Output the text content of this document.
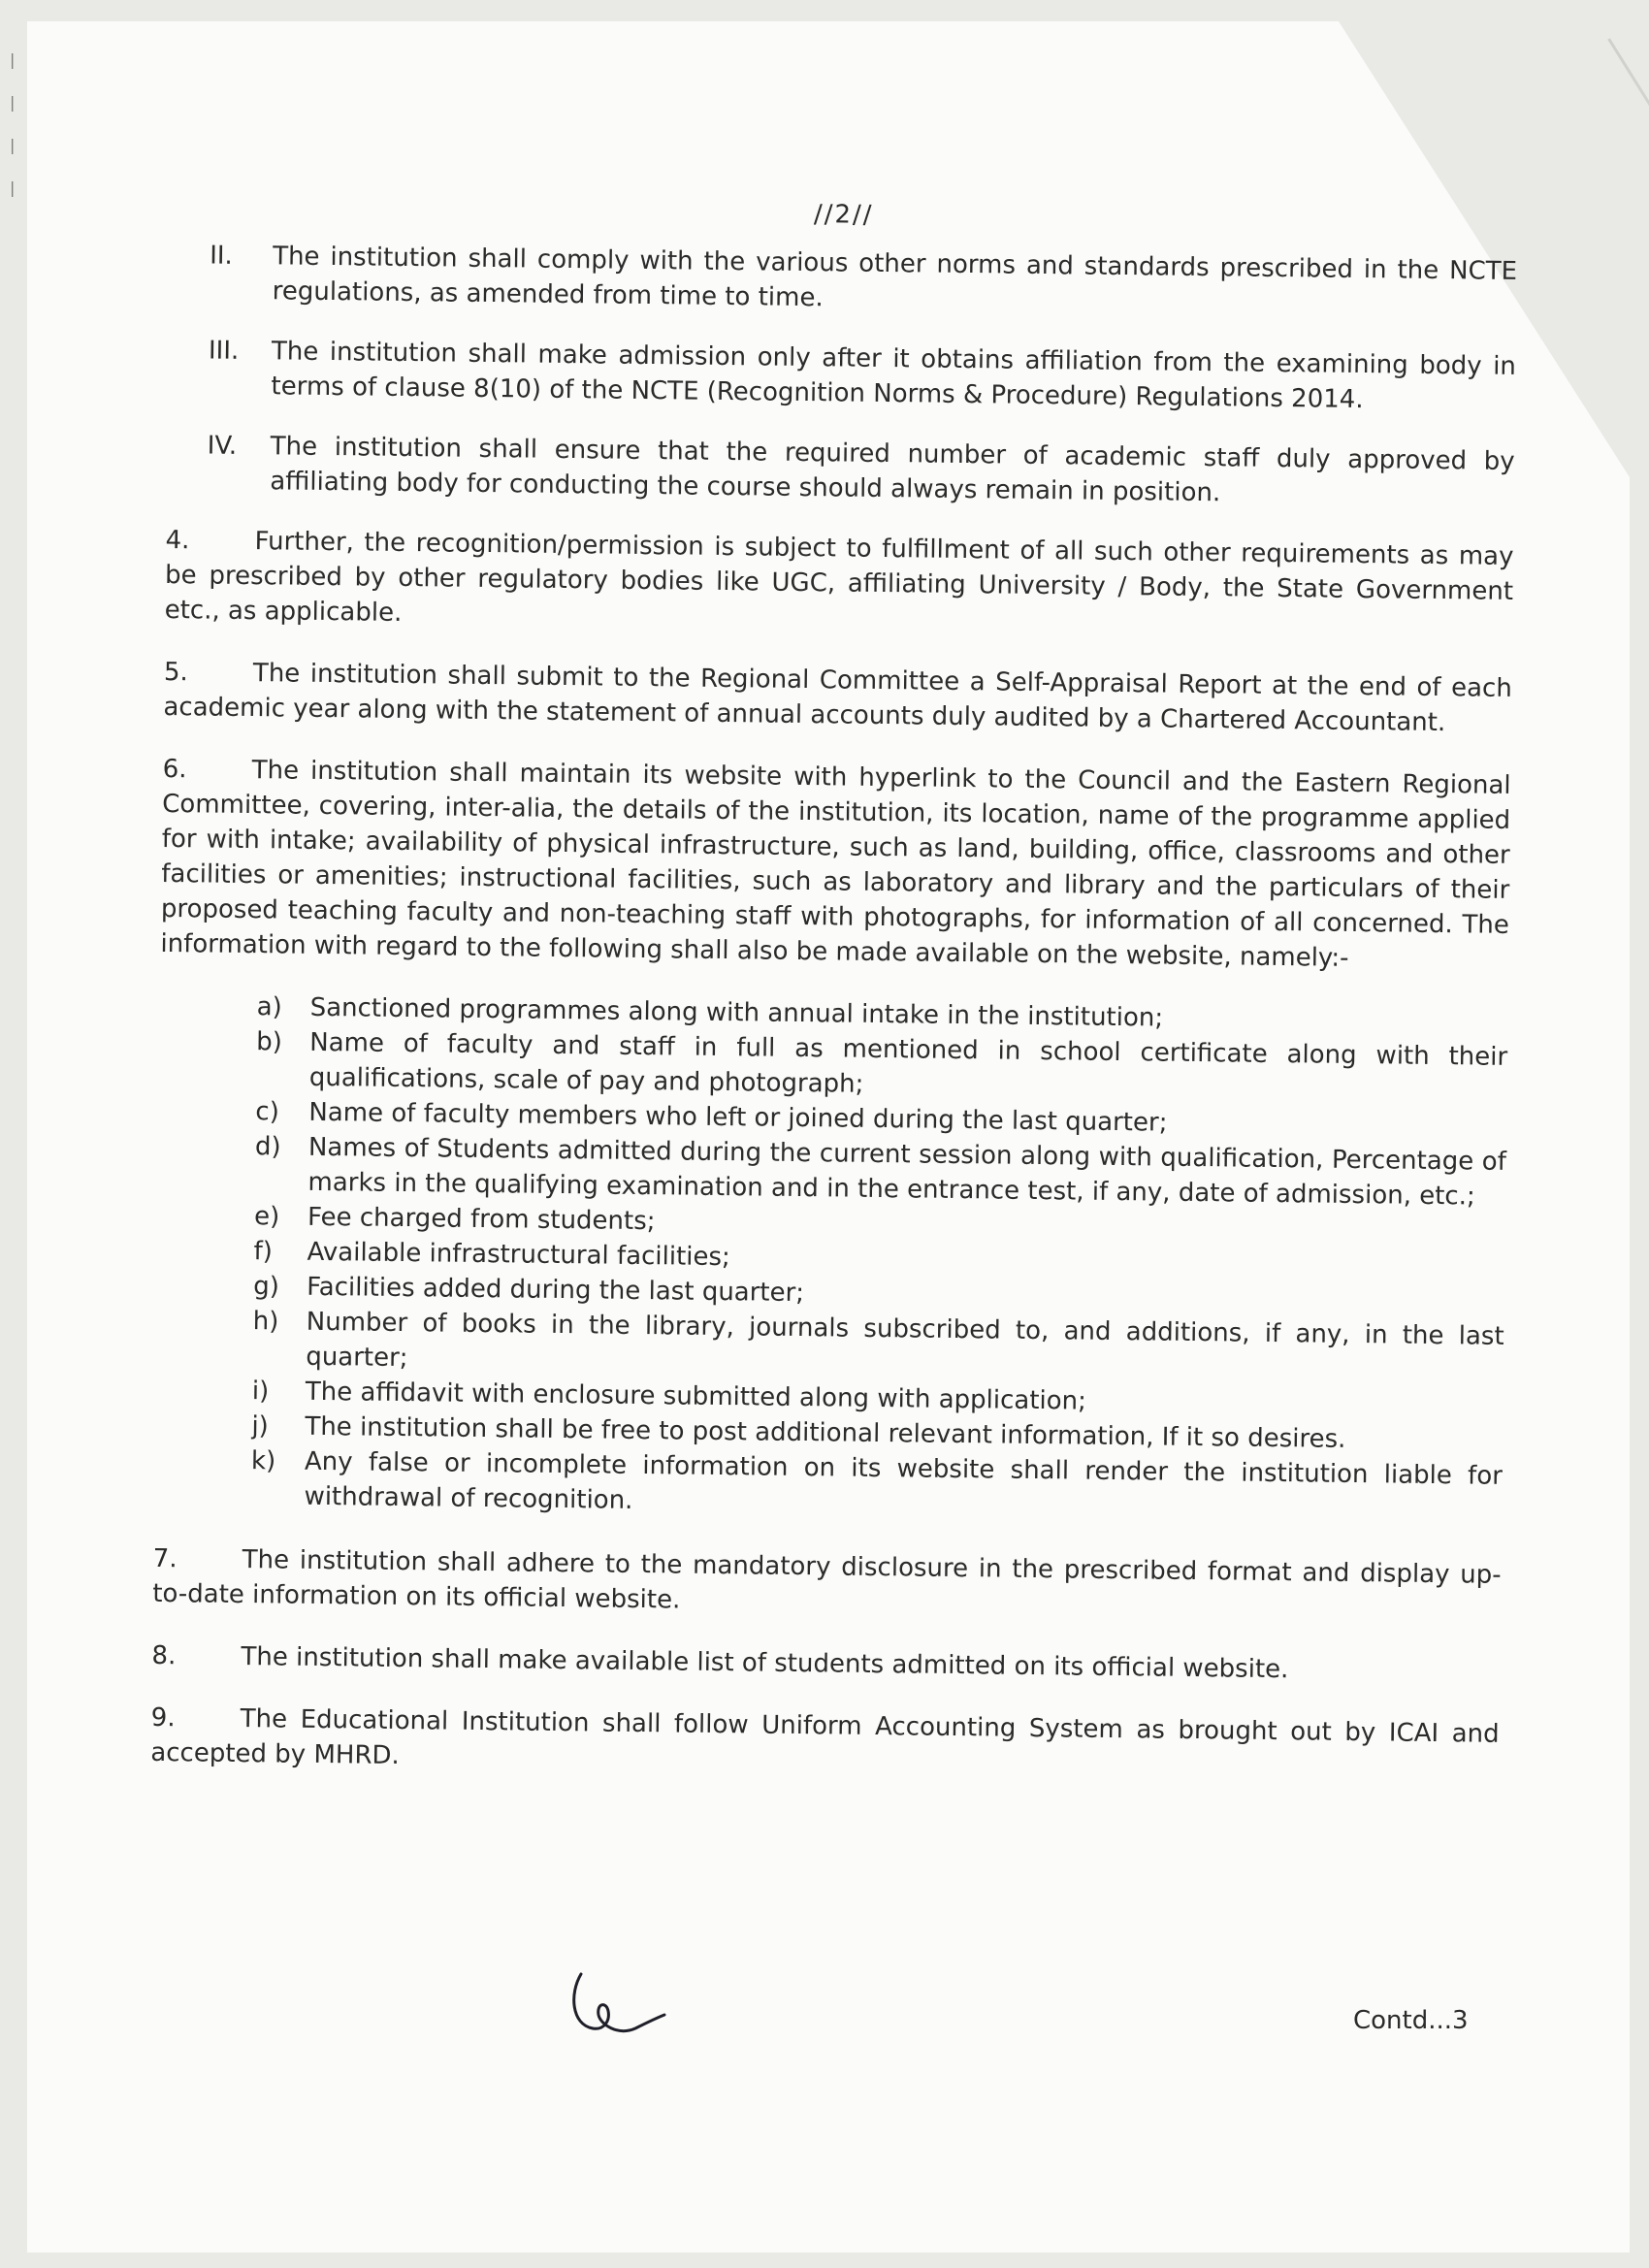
|
|
|
|
//2//
II.	The institution shall comply with the various other norms and standards prescribed in the NCTE regulations, as amended from time to time.
III.	The institution shall make admission only after it obtains affiliation from the examining body in terms of clause 8(10) of the NCTE (Recognition Norms & Procedure) Regulations 2014.
IV.	The institution shall ensure that the required number of academic staff duly approved by affiliating body for conducting the course should always remain in position.
4.	Further, the recognition/permission is subject to fulfillment of all such other requirements as may be prescribed by other regulatory bodies like UGC, affiliating University / Body, the State Government etc., as applicable.
5.	The institution shall submit to the Regional Committee a Self-Appraisal Report at the end of each academic year along with the statement of annual accounts duly audited by a Chartered Accountant.
6.	The institution shall maintain its website with hyperlink to the Council and the Eastern Regional Committee, covering, inter-alia, the details of the institution, its location, name of the programme applied for with intake; availability of physical infrastructure, such as land, building, office, classrooms and other facilities or amenities; instructional facilities, such as laboratory and library and the particulars of their proposed teaching faculty and non-teaching staff with photographs, for information of all concerned. The information with regard to the following shall also be made available on the website, namely:-
a)	Sanctioned programmes along with annual intake in the institution;
b)	Name of faculty and staff in full as mentioned in school certificate along with their qualifications, scale of pay and photograph;
c)	Name of faculty members who left or joined during the last quarter;
d)	Names of Students admitted during the current session along with qualification, Percentage of marks in the qualifying examination and in the entrance test, if any, date of admission, etc.;
e)	Fee charged from students;
f)	Available infrastructural facilities;
g)	Facilities added during the last quarter;
h)	Number of books in the library, journals subscribed to, and additions, if any, in the last quarter;
i)	The affidavit with enclosure submitted along with application;
j)	The institution shall be free to post additional relevant information, If it so desires.
k)	Any false or incomplete information on its website shall render the institution liable for withdrawal of recognition.
7.	The institution shall adhere to the mandatory disclosure in the prescribed format and display up-to-date information on its official website.
8.	The institution shall make available list of students admitted on its official website.
9.	The Educational Institution shall follow Uniform Accounting System as brought out by ICAI and accepted by MHRD.
Contd...3
